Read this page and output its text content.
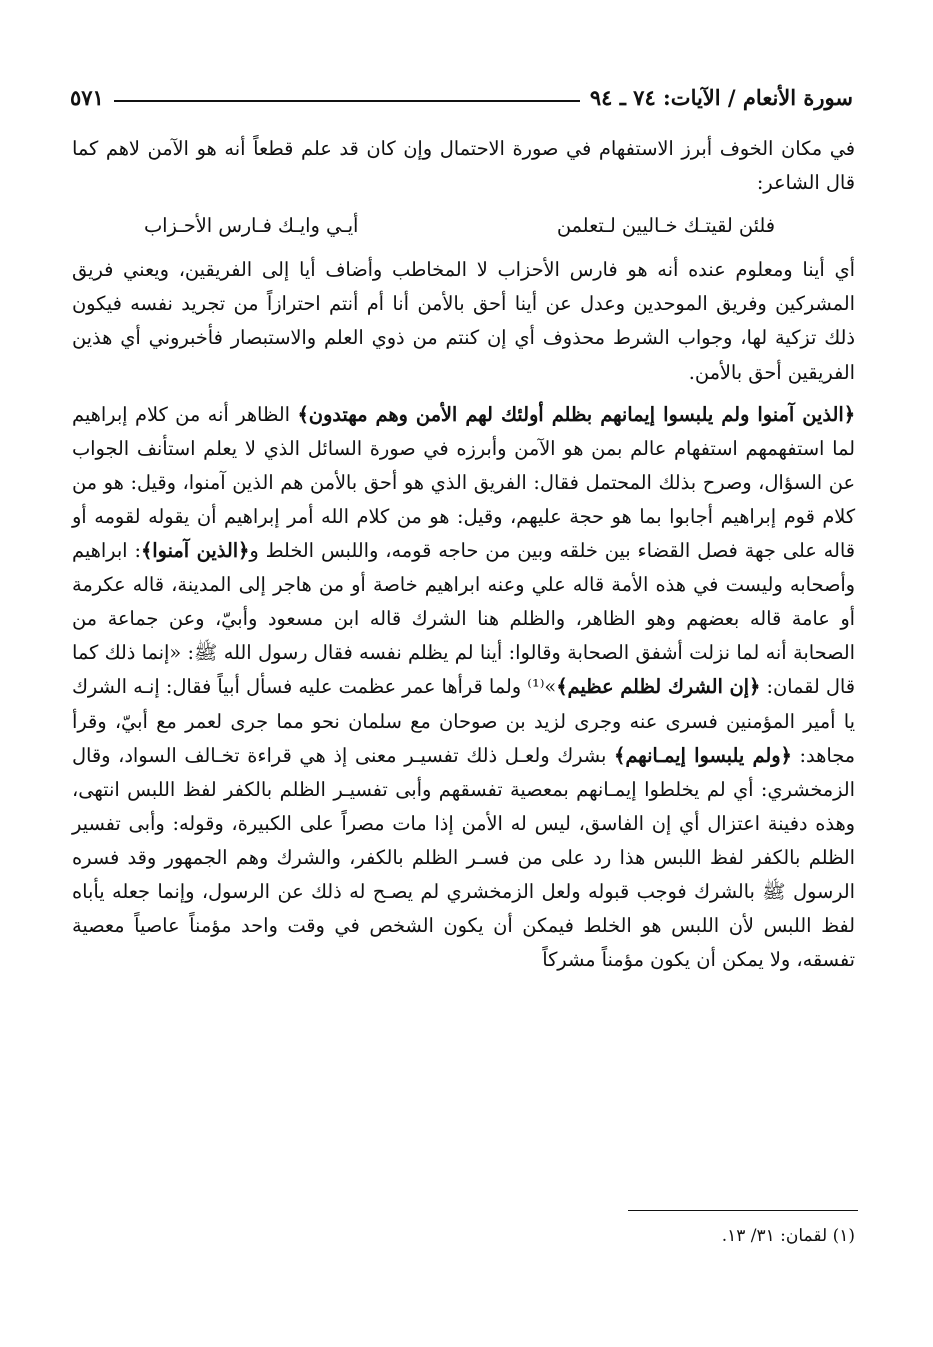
سورة الأنعام / الآيات: ٧٤ ـ ٩٤
٥٧١

في مكان الخوف أبرز الاستفهام في صورة الاحتمال وإن كان قد علم قطعاً أنه هو الآمن لاهم كما قال الشاعر:

فلئن لقيتـك خـاليين لـتعلمن
أيـي وايـك فـارس الأحـزاب

أي أينا ومعلوم عنده أنه هو فارس الأحزاب لا المخاطب وأضاف أيا إلى الفريقين، ويعني فريق المشركين وفريق الموحدين وعدل عن أينا أحق بالأمن أنا أم أنتم احترازاً من تجريد نفسه فيكون ذلك تزكية لها، وجواب الشرط محذوف أي إن كنتم من ذوي العلم والاستبصار فأخبروني أي هذين الفريقين أحق بالأمن.

﴿الذين آمنوا ولم يلبسوا إيمانهم بظلم أولئك لهم الأمن وهم مهتدون﴾ الظاهر أنه من كلام إبراهيم لما استفهمهم استفهام عالم بمن هو الآمن وأبرزه في صورة السائل الذي لا يعلم استأنف الجواب عن السؤال، وصرح بذلك المحتمل فقال: الفريق الذي هو أحق بالأمن هم الذين آمنوا، وقيل: هو من كلام قوم إبراهيم أجابوا بما هو حجة عليهم، وقيل: هو من كلام الله أمر إبراهيم أن يقوله لقومه أو قاله على جهة فصل القضاء بين خلقه وبين من حاجه قومه، واللبس الخلط و﴿الذين آمنوا﴾: ابراهيم وأصحابه وليست في هذه الأمة قاله علي وعنه ابراهيم خاصة أو من هاجر إلى المدينة، قاله عكرمة أو عامة قاله بعضهم وهو الظاهر، والظلم هنا الشرك قاله ابن مسعود وأبيّ، وعن جماعة من الصحابة أنه لما نزلت أشفق الصحابة وقالوا: أينا لم يظلم نفسه فقال رسول الله ﷺ: «إنما ذلك كما قال لقمان: ﴿إن الشرك لظلم عظيم﴾»⁽¹⁾ ولما قرأها عمر عظمت عليه فسأل أبياً فقال: إنـه الشرك يا أمير المؤمنين فسرى عنه وجرى لزيد بن صوحان مع سلمان نحو مما جرى لعمر مع أبيّ، وقرأ مجاهد: ﴿ولم يلبسوا إيمـانهم﴾ بشرك ولعـل ذلك تفسيـر معنى إذ هي قراءة تخـالف السواد، وقال الزمخشري: أي لم يخلطوا إيمـانهم بمعصية تفسقهم وأبى تفسيـر الظلم بالكفر لفظ اللبس انتهى، وهذه دفينة اعتزال أي إن الفاسق، ليس له الأمن إذا مات مصراً على الكبيرة، وقوله: وأبى تفسير الظلم بالكفر لفظ اللبس هذا رد على من فسـر الظلم بالكفر، والشرك وهم الجمهور وقد فسره الرسول ﷺ بالشرك فوجب قبوله ولعل الزمخشري لم يصـح له ذلك عن الرسول، وإنما جعله يأباه لفظ اللبس لأن اللبس هو الخلط فيمكن أن يكون الشخص في وقت واحد مؤمناً عاصياً معصية تفسقه، ولا يمكن أن يكون مؤمناً مشركاً

(١) لقمان: ٣١/ ١٣.
